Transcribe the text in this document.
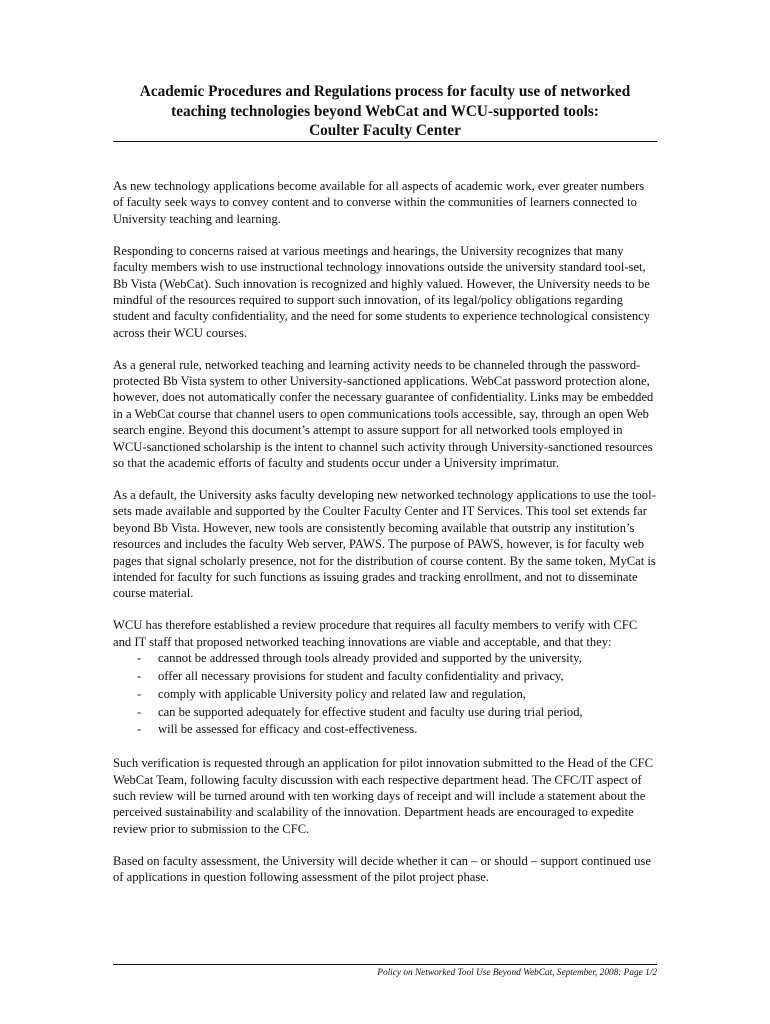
Academic Procedures and Regulations process for faculty use of networked
teaching technologies beyond WebCat and WCU-supported tools:
Coulter Faculty Center

As new technology applications become available for all aspects of academic work, ever greater numbers of faculty seek ways to convey content and to converse within the communities of learners connected to University teaching and learning.

Responding to concerns raised at various meetings and hearings, the University recognizes that many faculty members wish to use instructional technology innovations outside the university standard tool-set, Bb Vista (WebCat). Such innovation is recognized and highly valued. However, the University needs to be mindful of the resources required to support such innovation, of its legal/policy obligations regarding student and faculty confidentiality, and the need for some students to experience technological consistency across their WCU courses.

As a general rule, networked teaching and learning activity needs to be channeled through the password-protected Bb Vista system to other University-sanctioned applications. WebCat password protection alone, however, does not automatically confer the necessary guarantee of confidentiality. Links may be embedded in a WebCat course that channel users to open communications tools accessible, say, through an open Web search engine. Beyond this document’s attempt to assure support for all networked tools employed in WCU-sanctioned scholarship is the intent to channel such activity through University-sanctioned resources so that the academic efforts of faculty and students occur under a University imprimatur.

As a default, the University asks faculty developing new networked technology applications to use the tool-sets made available and supported by the Coulter Faculty Center and IT Services. This tool set extends far beyond Bb Vista. However, new tools are consistently becoming available that outstrip any institution’s resources and includes the faculty Web server, PAWS. The purpose of PAWS, however, is for faculty web pages that signal scholarly presence, not for the distribution of course content. By the same token, MyCat is intended for faculty for such functions as issuing grades and tracking enrollment, and not to disseminate course material.

WCU has therefore established a review procedure that requires all faculty members to verify with CFC and IT staff that proposed networked teaching innovations are viable and acceptable, and that they:

- cannot be addressed through tools already provided and supported by the university,
- offer all necessary provisions for student and faculty confidentiality and privacy,
- comply with applicable University policy and related law and regulation,
- can be supported adequately for effective student and faculty use during trial period,
- will be assessed for efficacy and cost-effectiveness.

Such verification is requested through an application for pilot innovation submitted to the Head of the CFC WebCat Team, following faculty discussion with each respective department head. The CFC/IT aspect of such review will be turned around with ten working days of receipt and will include a statement about the perceived sustainability and scalability of the innovation. Department heads are encouraged to expedite review prior to submission to the CFC.

Based on faculty assessment, the University will decide whether it can – or should – support continued use of applications in question following assessment of the pilot project phase.

Policy on Networked Tool Use Beyond WebCat, September, 2008: Page 1/2
